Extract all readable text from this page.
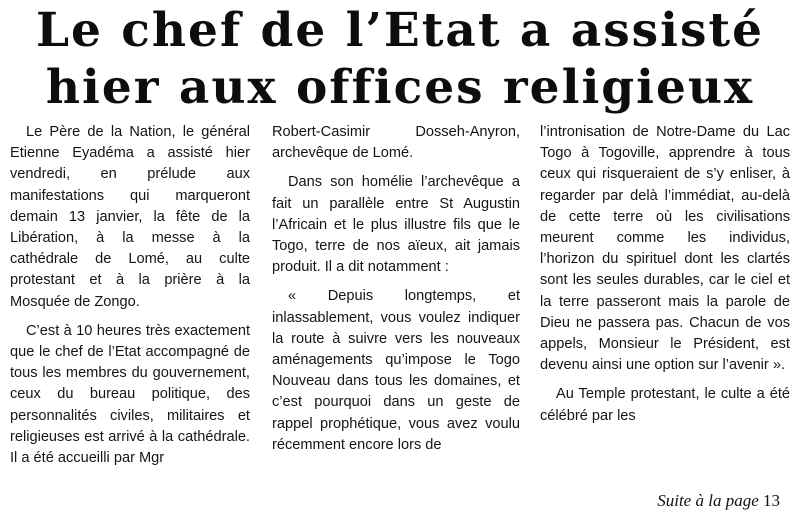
Le chef de l’Etat a assisté
hier aux offices religieux

Le Père de la Nation, le général Etienne Eyadéma a assisté hier vendredi, en prélude aux manifestations qui marqueront demain 13 janvier, la fête de la Libération, à la messe à la cathédrale de Lomé, au culte protestant et à la prière à la Mosquée de Zongo.

C’est à 10 heures très exactement que le chef de l’Etat accompagné de tous les membres du gouvernement, ceux du bureau politique, des personnalités civiles, militaires et religieuses est arrivé à la cathédrale. Il a été accueilli par Mgr

Robert-Casimir Dosseh-Anyron, archevêque de Lomé.

Dans son homélie l’archevêque a fait un parallèle entre St Augustin l’Africain et le plus illustre fils que le Togo, terre de nos aïeux, ait jamais produit. Il a dit notamment :

« Depuis longtemps, et inlassablement, vous voulez indiquer la route à suivre vers les nouveaux aménagements qu’impose le Togo Nouveau dans tous les domaines, et c’est pourquoi dans un geste de rappel prophétique, vous avez voulu récemment encore lors de

l’intronisation de Notre-Dame du Lac Togo à Togoville, apprendre à tous ceux qui risqueraient de s’y enliser, à regarder par delà l’immédiat, au-delà de cette terre où les civilisations meurent comme les individus, l’horizon du spirituel dont les clartés sont les seules durables, car le ciel et la terre passeront mais la parole de Dieu ne passera pas. Chacun de vos appels, Monsieur le Président, est devenu ainsi une option sur l’avenir ».

Au Temple protestant, le culte a été célébré par les

Suite à la page 13
